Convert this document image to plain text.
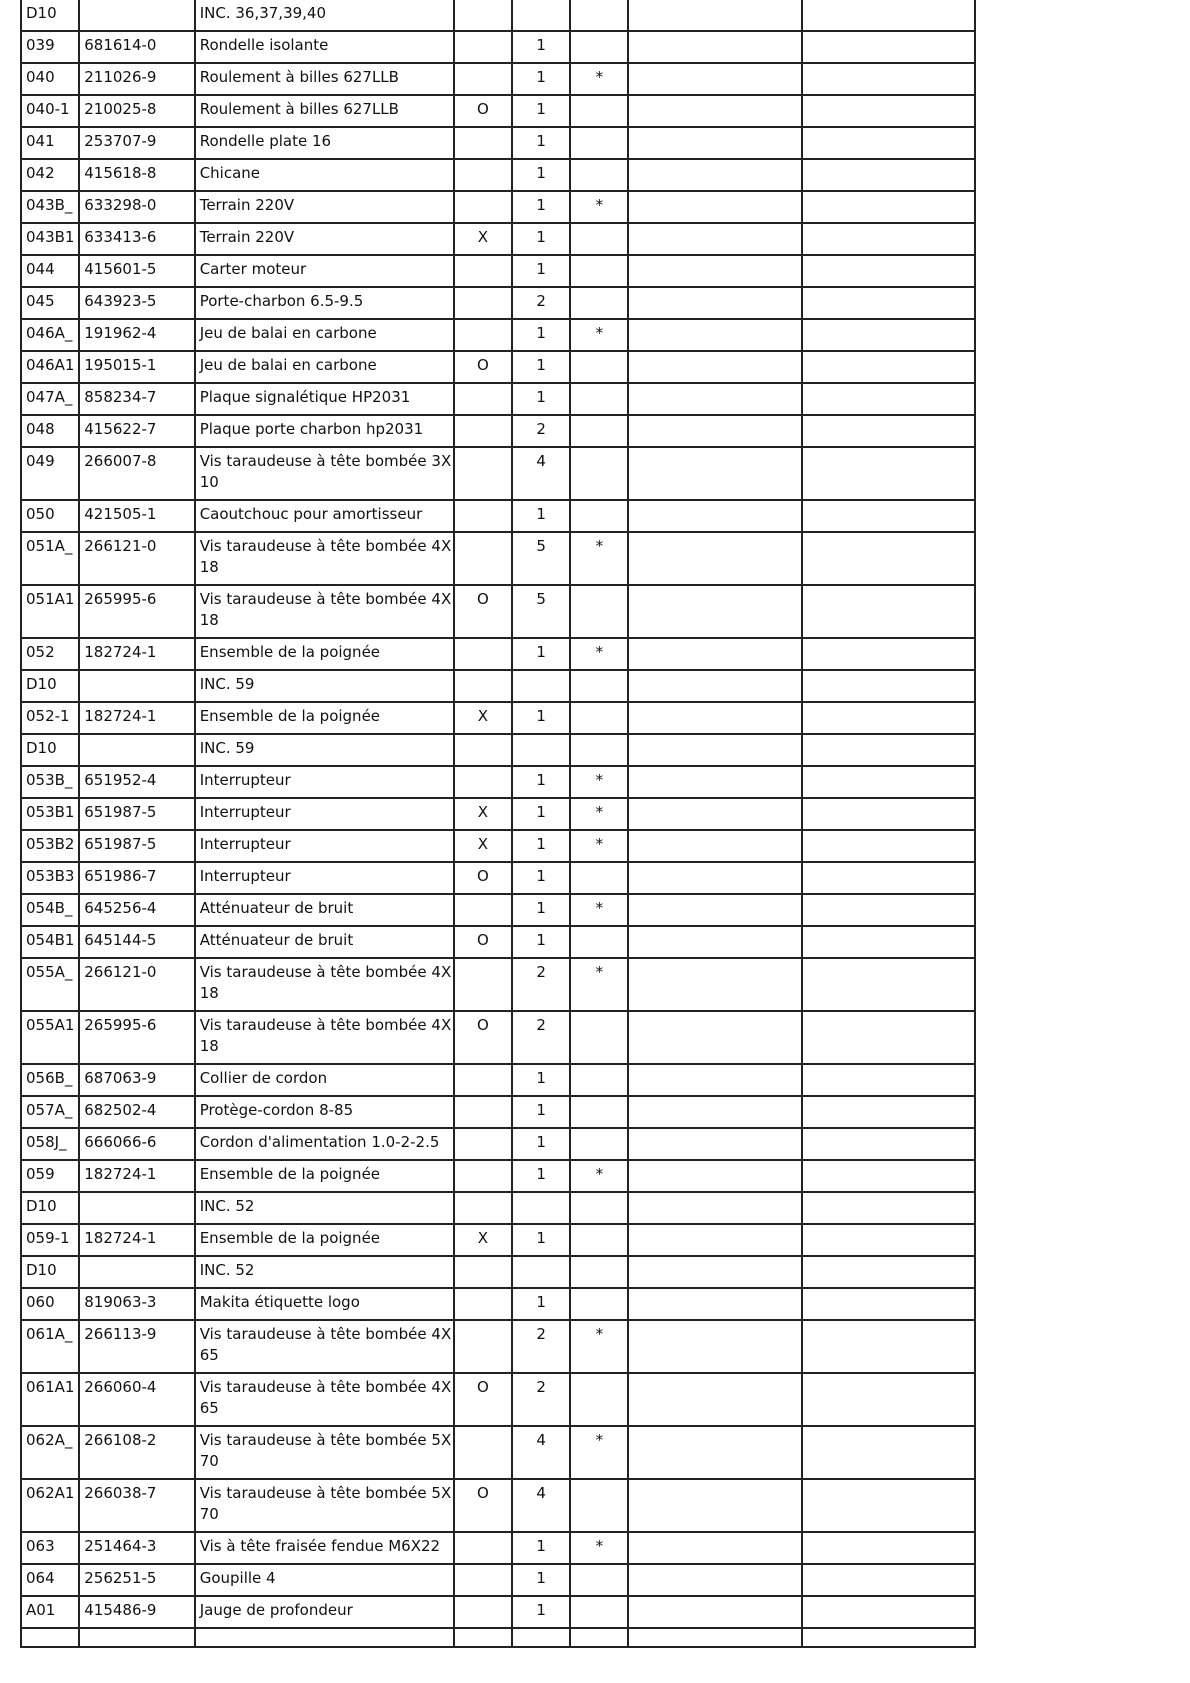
D10		INC. 36,37,39,40					
039	681614-0	Rondelle isolante		1			
040	211026-9	Roulement à billes 627LLB		1	*		
040-1	210025-8	Roulement à billes 627LLB	O	1			
041	253707-9	Rondelle plate 16		1			
042	415618-8	Chicane		1			
043B_	633298-0	Terrain 220V		1	*		
043B1	633413-6	Terrain 220V	X	1			
044	415601-5	Carter moteur		1			
045	643923-5	Porte-charbon 6.5-9.5		2			
046A_	191962-4	Jeu de balai en carbone		1	*		
046A1	195015-1	Jeu de balai en carbone	O	1			
047A_	858234-7	Plaque signalétique HP2031		1			
048	415622-7	Plaque porte charbon hp2031		2			
049	266007-8	Vis taraudeuse à tête bombée 3X 10		4			
050	421505-1	Caoutchouc pour amortisseur		1			
051A_	266121-0	Vis taraudeuse à tête bombée 4X 18		5	*		
051A1	265995-6	Vis taraudeuse à tête bombée 4X 18	O	5			
052	182724-1	Ensemble de la poignée		1	*		
D10		INC. 59					
052-1	182724-1	Ensemble de la poignée	X	1			
D10		INC. 59					
053B_	651952-4	Interrupteur		1	*		
053B1	651987-5	Interrupteur	X	1	*		
053B2	651987-5	Interrupteur	X	1	*		
053B3	651986-7	Interrupteur	O	1			
054B_	645256-4	Atténuateur de bruit		1	*		
054B1	645144-5	Atténuateur de bruit	O	1			
055A_	266121-0	Vis taraudeuse à tête bombée 4X 18		2	*		
055A1	265995-6	Vis taraudeuse à tête bombée 4X 18	O	2			
056B_	687063-9	Collier de cordon		1			
057A_	682502-4	Protège-cordon 8-85		1			
058J_	666066-6	Cordon d'alimentation 1.0-2-2.5		1			
059	182724-1	Ensemble de la poignée		1	*		
D10		INC. 52					
059-1	182724-1	Ensemble de la poignée	X	1			
D10		INC. 52					
060	819063-3	Makita étiquette logo		1			
061A_	266113-9	Vis taraudeuse à tête bombée 4X 65		2	*		
061A1	266060-4	Vis taraudeuse à tête bombée 4X 65	O	2			
062A_	266108-2	Vis taraudeuse à tête bombée 5X 70		4	*		
062A1	266038-7	Vis taraudeuse à tête bombée 5X 70	O	4			
063	251464-3	Vis à tête fraisée fendue M6X22		1	*		
064	256251-5	Goupille 4		1			
A01	415486-9	Jauge de profondeur		1			
